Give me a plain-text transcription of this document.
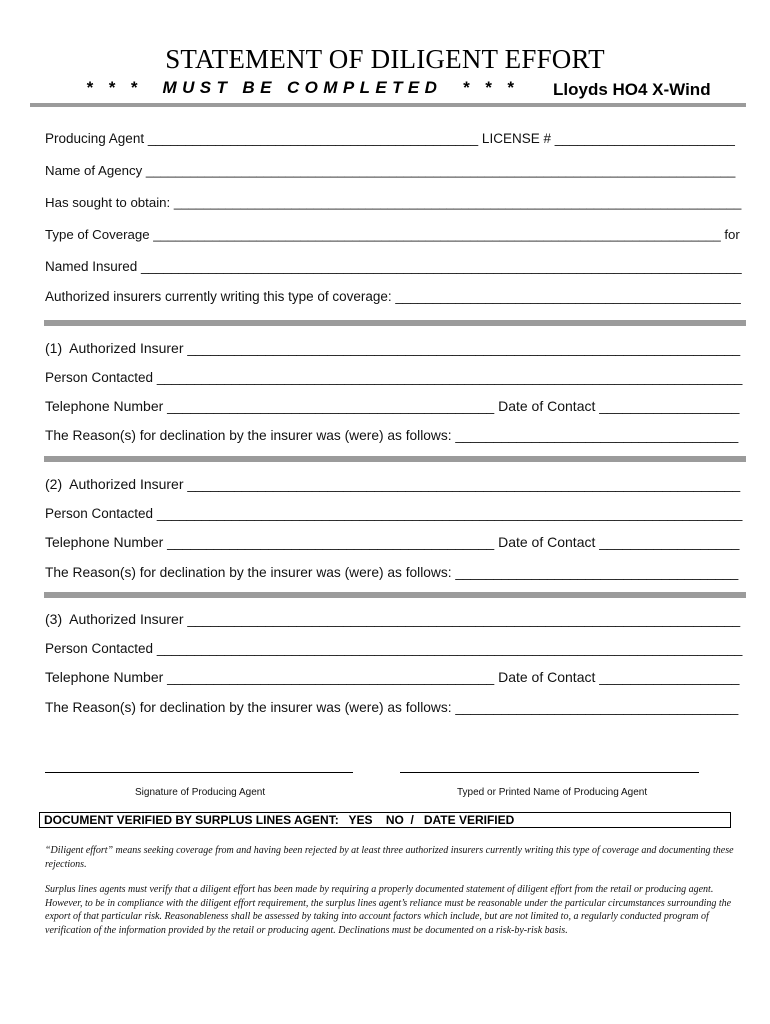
STATEMENT OF DILIGENT EFFORT
* * *  MUST BE COMPLETED  * * * Lloyds HO4 X-Wind
Producing Agent ____________________________________________ LICENSE # ________________________
Name of Agency ________________________________________________________________________________
Has sought to obtain: _____________________________________________________________________________
Type of Coverage _____________________________________________________________________________ for
Named Insured ________________________________________________________________________________
Authorized insurers currently writing this type of coverage: ______________________________________________
(1)  Authorized Insurer _______________________________________________________________________
Person Contacted ______________________________________________________________________________
Telephone Number __________________________________________ Date of Contact __________________
The Reason(s) for declination by the insurer was (were) as follows: _____________________________________
(2)  Authorized Insurer _______________________________________________________________________
Person Contacted ______________________________________________________________________________
Telephone Number __________________________________________ Date of Contact __________________
The Reason(s) for declination by the insurer was (were) as follows: _____________________________________
(3)  Authorized Insurer _______________________________________________________________________
Person Contacted ______________________________________________________________________________
Telephone Number __________________________________________ Date of Contact __________________
The Reason(s) for declination by the insurer was (were) as follows: _____________________________________
Signature of Producing Agent	Typed or Printed Name of Producing Agent
DOCUMENT VERIFIED BY SURPLUS LINES AGENT:   YES    NO  /   DATE VERIFIED
“Diligent effort” means seeking coverage from and having been rejected by at least three authorized insurers currently writing this type of coverage and documenting these rejections.
Surplus lines agents must verify that a diligent effort has been made by requiring a properly documented statement of diligent effort from the retail or producing agent. However, to be in compliance with the diligent effort requirement, the surplus lines agent’s reliance must be reasonable under the particular circumstances surrounding the export of that particular risk. Reasonableness shall be assessed by taking into account factors which include, but are not limited to, a regularly conducted program of verification of the information provided by the retail or producing agent. Declinations must be documented on a risk-by-risk basis.
